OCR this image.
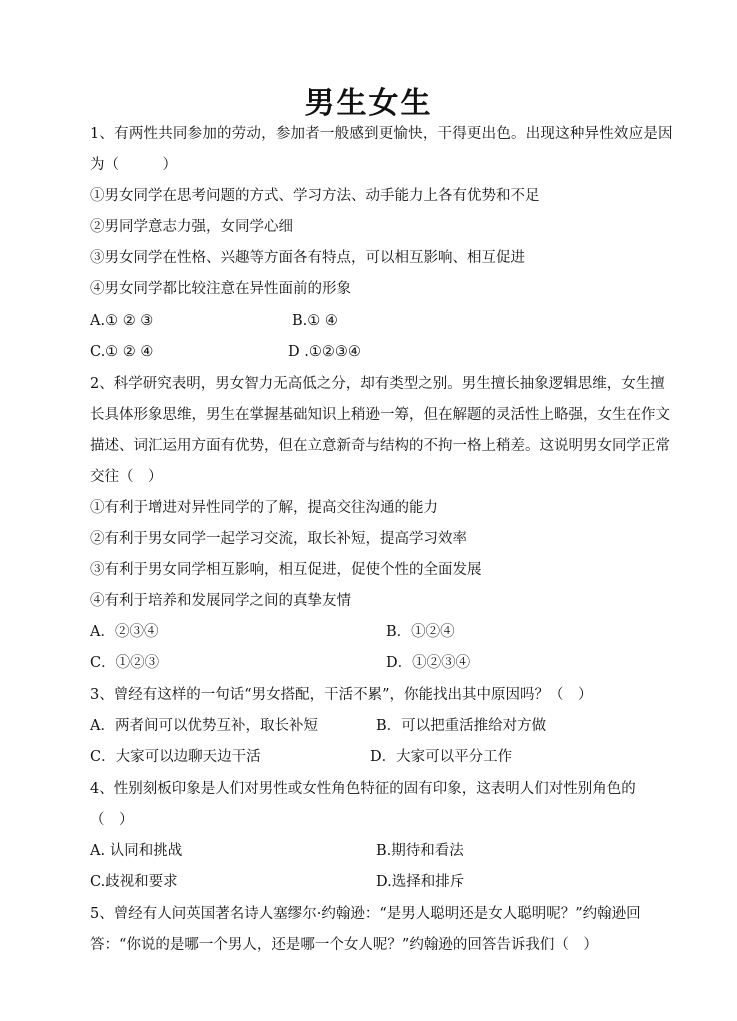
男生女生
1、有两性共同参加的劳动，参加者一般感到更愉快，干得更出色。出现这种异性效应是因
为（　　　）
①男女同学在思考问题的方式、学习方法、动手能力上各有优势和不足
②男同学意志力强，女同学心细
③男女同学在性格、兴趣等方面各有特点，可以相互影响、相互促进
④男女同学都比较注意在异性面前的形象
A.① ② ③	B.① ④
C.① ② ④	D .①②③④
2、科学研究表明，男女智力无高低之分，却有类型之别。男生擅长抽象逻辑思维，女生擅
长具体形象思维，男生在掌握基础知识上稍逊一筹，但在解题的灵活性上略强，女生在作文
描述、词汇运用方面有优势，但在立意新奇与结构的不拘一格上稍差。这说明男女同学正常
交往（　）
①有利于增进对异性同学的了解，提高交往沟通的能力
②有利于男女同学一起学习交流，取长补短，提高学习效率
③有利于男女同学相互影响，相互促进，促使个性的全面发展
④有利于培养和发展同学之间的真挚友情
A．②③④	B．①②④
C．①②③	D．①②③④
3、曾经有这样的一句话“男女搭配，干活不累”，你能找出其中原因吗？（　）
A．两者间可以优势互补，取长补短	B．可以把重活推给对方做
C．大家可以边聊天边干活	D．大家可以平分工作
4、性别刻板印象是人们对男性或女性角色特征的固有印象，这表明人们对性别角色的
（　）
A. 认同和挑战	B.期待和看法
C.歧视和要求	D.选择和排斥
5、曾经有人问英国著名诗人塞缪尔·约翰逊：“是男人聪明还是女人聪明呢？”约翰逊回
答：“你说的是哪一个男人，还是哪一个女人呢？”约翰逊的回答告诉我们（　）
